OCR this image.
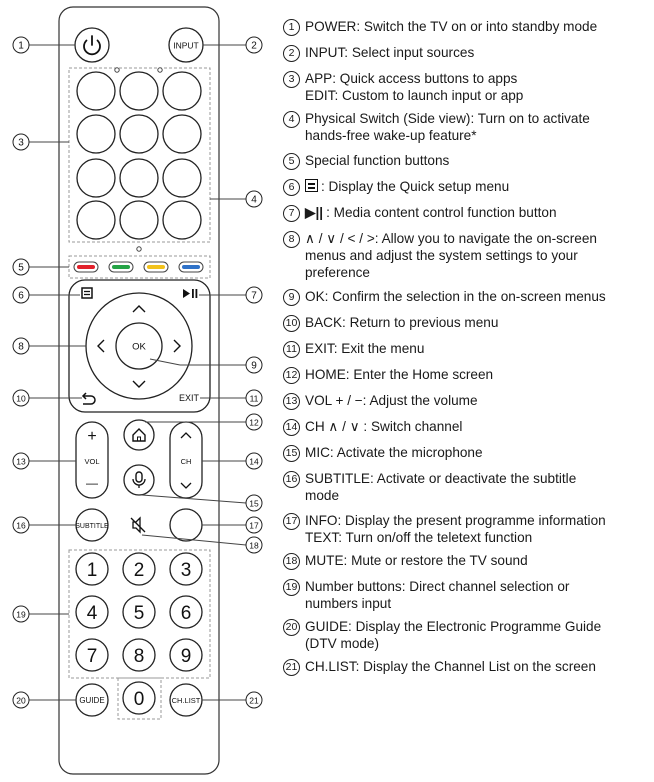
INPUT
OK
EXIT
+
VOL
—
CH
SUBTITLE
1 2 3
4 5 6
7 8 9
0
GUIDE	CH.LIST
1	2
3
4
5
6	7
8
9
10	11
12
13	14
15
16	17
18
19
20	21
1 POWER: Switch the TV on or into standby mode
2 INPUT: Select input sources
3 APP: Quick access buttons to apps
EDIT: Custom to launch input or app
4 Physical Switch (Side view): Turn on to activate
hands-free wake-up feature*
5 Special function buttons
6	: Display the Quick setup menu
7 ▶|| : Media content control function button
8 ∧ / ∨ / < / >: Allow you to navigate the on-screen
menus and adjust the system settings to your
preference
9 OK: Confirm the selection in the on-screen menus
10 BACK: Return to previous menu
11 EXIT: Exit the menu
12 HOME: Enter the Home screen
13 VOL + / −: Adjust the volume
14 CH ∧ / ∨ : Switch channel
15 MIC: Activate the microphone
16 SUBTITLE: Activate or deactivate the subtitle
mode
17 INFO: Display the present programme information
TEXT: Turn on/off the teletext function
18 MUTE: Mute or restore the TV sound
19 Number buttons: Direct channel selection or
numbers input
20 GUIDE: Display the Electronic Programme Guide
(DTV mode)
21 CH.LIST: Display the Channel List on the screen
